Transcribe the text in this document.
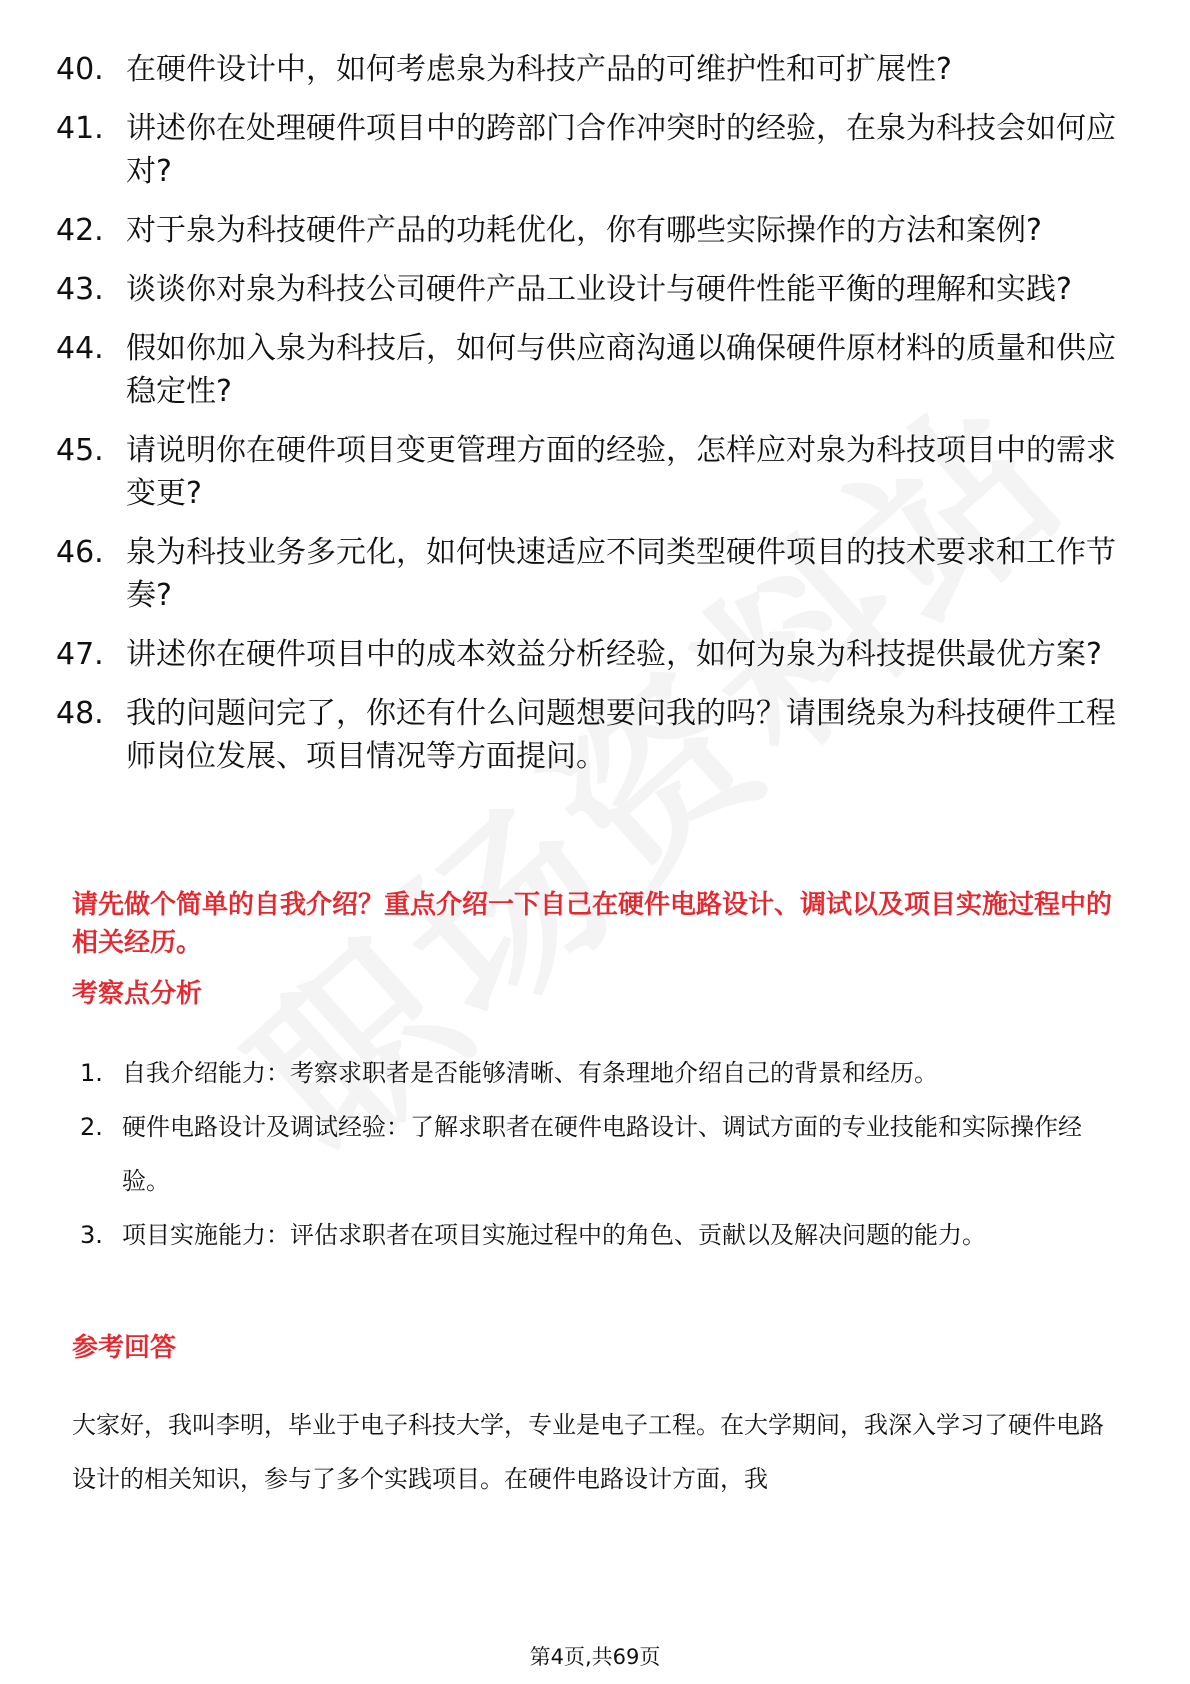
40. 在硬件设计中，如何考虑泉为科技产品的可维护性和可扩展性?
41. 讲述你在处理硬件项目中的跨部门合作冲突时的经验，在泉为科技会如何应对?
42. 对于泉为科技硬件产品的功耗优化，你有哪些实际操作的方法和案例?
43. 谈谈你对泉为科技公司硬件产品工业设计与硬件性能平衡的理解和实践?
44. 假如你加入泉为科技后，如何与供应商沟通以确保硬件原材料的质量和供应稳定性?
45. 请说明你在硬件项目变更管理方面的经验，怎样应对泉为科技项目中的需求变更?
46. 泉为科技业务多元化，如何快速适应不同类型硬件项目的技术要求和工作节奏?
47. 讲述你在硬件项目中的成本效益分析经验，如何为泉为科技提供最优方案?
48. 我的问题问完了，你还有什么问题想要问我的吗？请围绕泉为科技硬件工程师岗位发展、项目情况等方面提问。
请先做个简单的自我介绍？重点介绍一下自己在硬件电路设计、调试以及项目实施过程中的相关经历。
考察点分析
1. 自我介绍能力：考察求职者是否能够清晰、有条理地介绍自己的背景和经历。
2. 硬件电路设计及调试经验：了解求职者在硬件电路设计、调试方面的专业技能和实际操作经验。
3. 项目实施能力：评估求职者在项目实施过程中的角色、贡献以及解决问题的能力。
参考回答

大家好，我叫李明，毕业于电子科技大学，专业是电子工程。在大学期间，我深入学习了硬件电路设计的相关知识，参与了多个实践项目。在硬件电路设计方面，我

第4页,共69页
